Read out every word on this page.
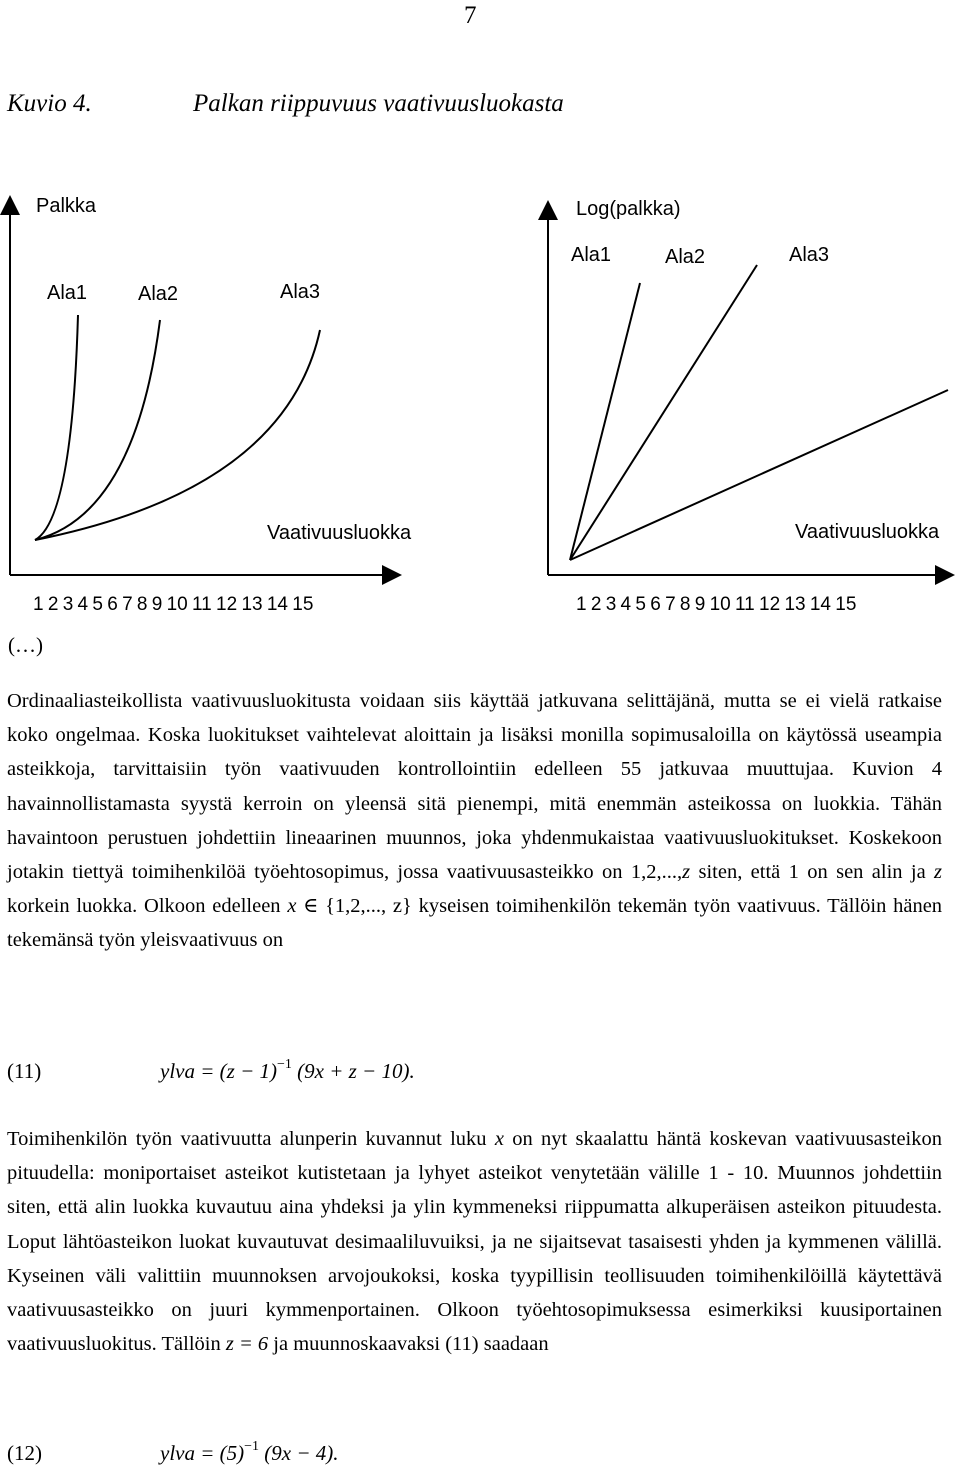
7
Kuvio 4.	Palkan riippuvuus vaativuusluokasta
Palkka
Ala1	Ala2	Ala3
Vaativuusluokka
1 2 3 4 5 6 7 8 9 10 11 12 13 14 15
Log(palkka)
Ala1	Ala2	Ala3
Vaativuusluokka
1 2 3 4 5 6 7 8 9 10 11 12 13 14 15
(…)
Ordinaaliasteikollista vaativuusluokitusta voidaan siis käyttää jatkuvana selittäjänä, mutta se ei vielä ratkaise koko ongelmaa. Koska luokitukset vaihtelevat aloittain ja lisäksi monilla sopimusaloilla on käytössä useampia asteikkoja, tarvittaisiin työn vaativuuden kontrollointiin edelleen 55 jatkuvaa muuttujaa. Kuvion 4 havainnollistamasta syystä kerroin on yleensä sitä pienempi, mitä enemmän asteikossa on luokkia. Tähän havaintoon perustuen johdettiin lineaarinen muunnos, joka yhdenmukaistaa vaativuusluokitukset. Koskekoon jotakin tiettyä toimihenkilöä työehtosopimus, jossa vaativuusasteikko on 1,2,...,z siten, että 1 on sen alin ja z korkein luokka. Olkoon edelleen x ∈ {1,2,..., z} kyseisen toimihenkilön tekemän työn vaativuus. Tällöin hänen tekemänsä työn yleisvaativuus on
(11)	ylva = $(z - 1)^{-1}$ (9x + z − 10).
Toimihenkilön työn vaativuutta alunperin kuvannut luku x on nyt skaalattu häntä koskevan vaativuusasteikon pituudella: moniportaiset asteikot kutistetaan ja lyhyet asteikot venytetään välille 1 - 10. Muunnos johdettiin siten, että alin luokka kuvautuu aina yhdeksi ja ylin kymmeneksi riippumatta alkuperäisen asteikon pituudesta. Loput lähtöasteikon luokat kuvautuvat desimaaliluvuiksi, ja ne sijaitsevat tasaisesti yhden ja kymmenen välillä. Kyseinen väli valittiin muunnoksen arvojoukoksi, koska tyypillisin teollisuuden toimihenkilöillä käytettävä vaativuusasteikko on juuri kymmenportainen. Olkoon työehtosopimuksessa esimerkiksi kuusiportainen vaativuusluokitus. Tällöin z = 6 ja muunnoskaavaksi (11) saadaan
(12)	ylva = $(5)^{-1}$ (9x − 4).
